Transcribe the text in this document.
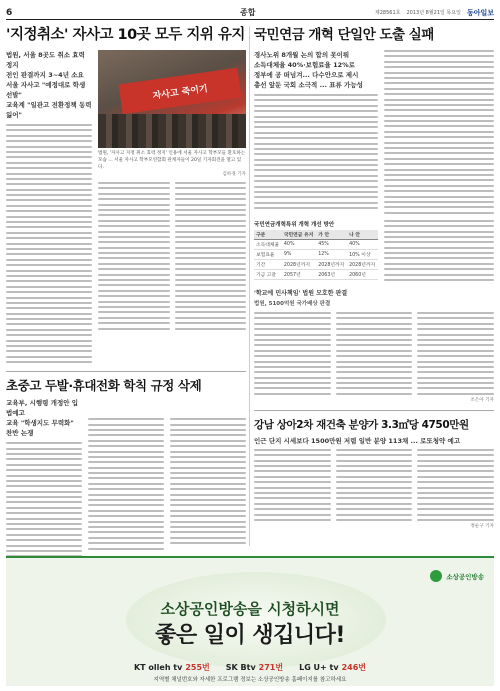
6	종합	제28561호 2013년 8월21일 목요일 동아일보
'지정취소' 자사고 10곳 모두 지위 유지
법원, 서울 8곳도 취소 효력 정지
전인 판결까지 3~4년 소요
서울 자사고 "예정대로 학생 선발"
교육계 "일관고 전환정책 동력 잃어"
자사고 죽이기
법원, '자사고 지정 취소 효력 정지' 인용에 서울 자사고 학부모들 환호하는 모습 ... 서울 자사고 학부모연합회 관계자들이 20일 기자회견을 열고 있다.
김하경 기자
초중고 두발·휴대전화 학칙 규정 삭제
교육부, 시행령 개정안 입법예고
교육 "학생지도 무력화" 찬반 논쟁
국민연금 개혁 단일안 도출 실패
경사노위 8개월 논의 합의 못이뤄
소득대체율 40%·보험료율 12%로
정부에 공 떠넘겨... 다수안으로 제시
총선 앞둔 국회 소극적 ... 표류 가능성
국민연금개혁특위 개혁 개선 방안
구분	국민연금 유지	가 안	나 안
소득대체율	40%	45%	40%
보험료율	9%	12%	10% 이상
기간	2028년까지	2028년까지	2028년까지
기금 고갈	2057년	2063년	2060년
'학교에 민사책임' 법원 모호한 판결
법원, 5100억원 국가배상 판결
조은아 기자
강남 상아2차 재건축 분양가 3.3㎡당 4750만원
인근 단지 시세보다 1500만원 저렴 일반 분양 113채 ... 로또청약 예고
정순구 기자
소상공인방송
소상공인방송을 시청하시면
좋은 일이 생깁니다!
KT olleh tv 255번 SK Btv 271번 LG U+ tv 246번
지역별 채널번호와 자세한 프로그램 정보는 소상공인방송 홈페이지를 참고하세요
